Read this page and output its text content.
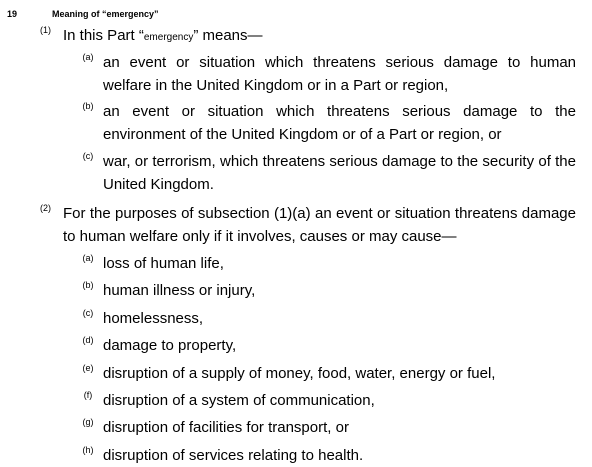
19	Meaning of “emergency”
(1) In this Part “emergency” means—
(a) an event or situation which threatens serious damage to human welfare in the United Kingdom or in a Part or region,
(b) an event or situation which threatens serious damage to the environment of the United Kingdom or of a Part or region, or
(c) war, or terrorism, which threatens serious damage to the security of the United Kingdom.
(2) For the purposes of subsection (1)(a) an event or situation threatens damage to human welfare only if it involves, causes or may cause—
(a) loss of human life,
(b) human illness or injury,
(c) homelessness,
(d) damage to property,
(e) disruption of a supply of money, food, water, energy or fuel,
(f) disruption of a system of communication,
(g) disruption of facilities for transport, or
(h) disruption of services relating to health.
